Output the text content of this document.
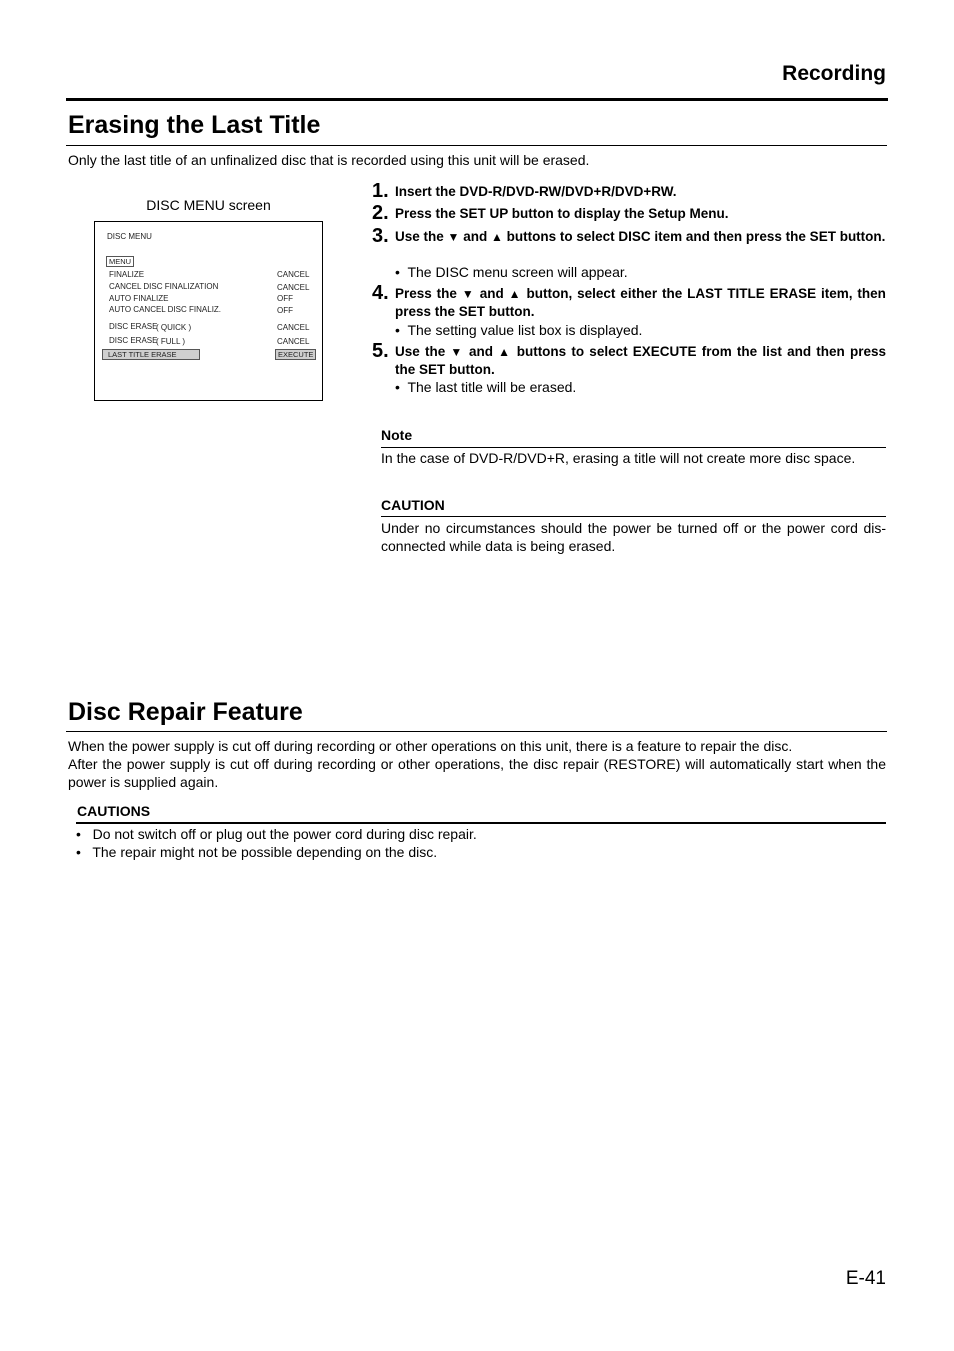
Recording
Erasing the Last Title
Only the last title of an unfinalized disc that is recorded using this unit will be erased.
DISC MENU screen
DISC MENU
MENU
FINALIZE	CANCEL
CANCEL DISC FINALIZATION	CANCEL
AUTO FINALIZE	OFF
AUTO CANCEL DISC FINALIZ.	OFF
DISC ERASE
( QUICK )	CANCEL
DISC ERASE
( FULL )	CANCEL
LAST TITLE ERASE	EXECUTE
1. Insert the DVD-R/DVD-RW/DVD+R/DVD+RW.
2. Press the SET UP button to display the Setup Menu.
3. Use the ▼ and ▲ buttons to select DISC item and then press the SET button.
• The DISC menu screen will appear.
4. Press the ▼ and ▲ button, select either the LAST TITLE ERASE item, then press the SET button.
• The setting value list box is displayed.
5. Use the ▼ and ▲ buttons to select EXECUTE from the list and then press the SET button.
• The last title will be erased.
Note
In the case of DVD-R/DVD+R, erasing a title will not create more disc space.
CAUTION
Under no circumstances should the power be turned off or the power cord dis-connected while data is being erased.
Disc Repair Feature
When the power supply is cut off during recording or other operations on this unit, there is a feature to repair the disc.
After the power supply is cut off during recording or other operations, the disc repair (RESTORE) will automatically start when the power is supplied again.
CAUTIONS
• Do not switch off or plug out the power cord during disc repair.
• The repair might not be possible depending on the disc.
E-41
